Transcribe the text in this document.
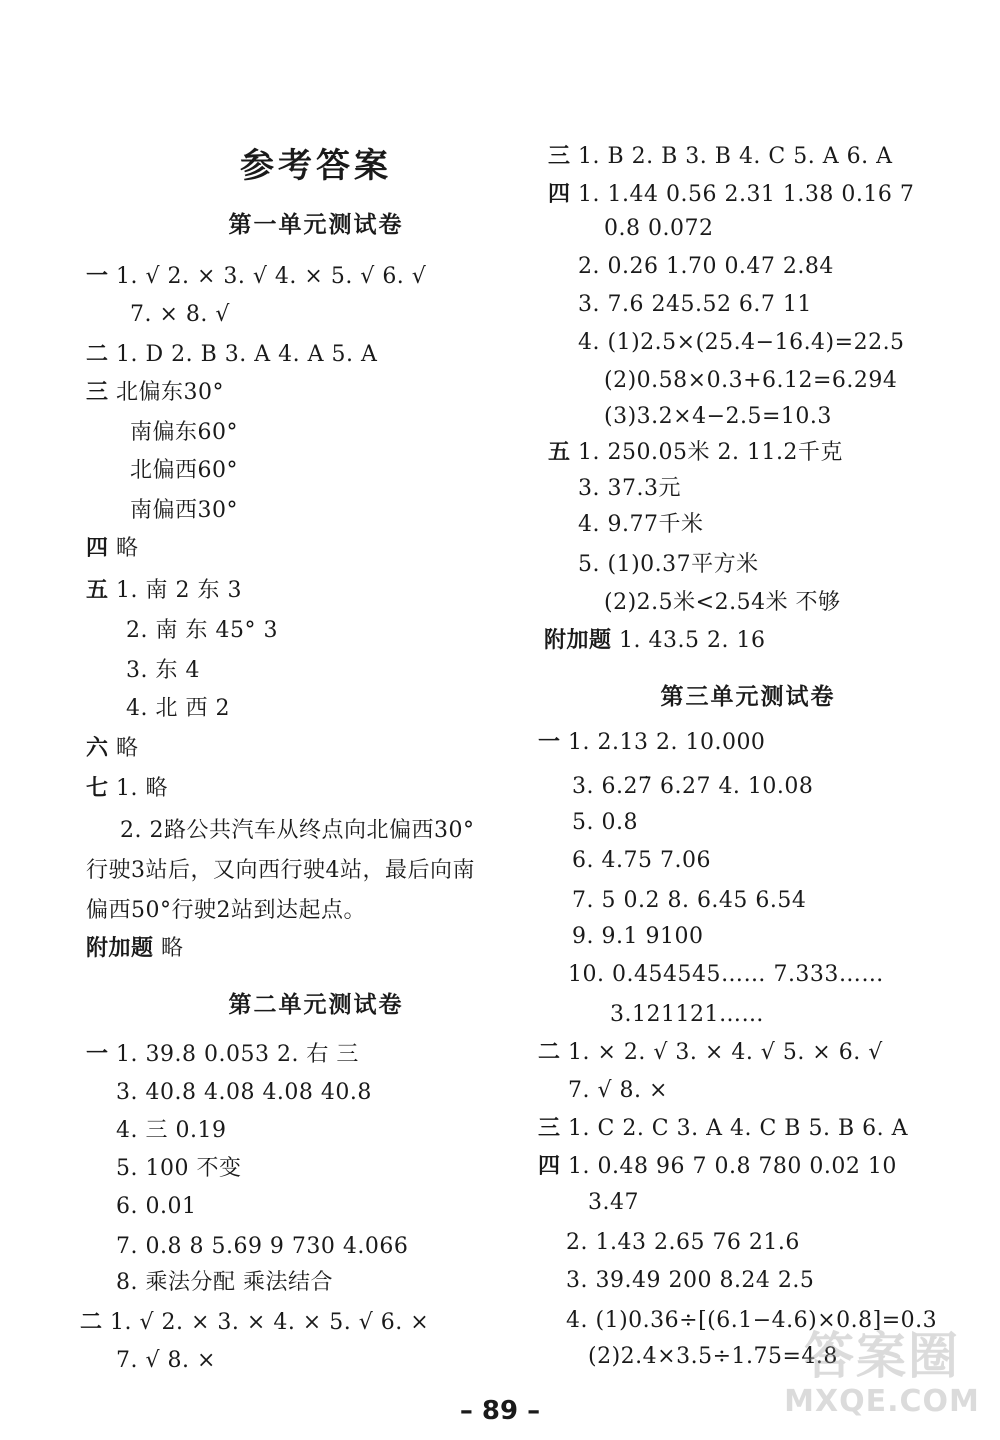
参考答案
第一单元测试卷
一 1. √ 2. × 3. √ 4. × 5. √ 6. √
7. × 8. √
二 1. D 2. B 3. A 4. A 5. A
三 北偏东30°
南偏东60°
北偏西60°
南偏西30°
四 略
五 1. 南 2 东 3
2. 南 东 45° 3
3. 东 4
4. 北 西 2
六 略
七 1. 略
2. 2路公共汽车从终点向北偏西30°
行驶3站后，又向西行驶4站，最后向南
偏西50°行驶2站到达起点。
附加题 略
第二单元测试卷
一 1. 39.8 0.053 2. 右 三
3. 40.8 4.08 4.08 40.8
4. 三 0.19
5. 100 不变
6. 0.01
7. 0.8 8 5.69 9 730 4.066
8. 乘法分配 乘法结合
二 1. √ 2. × 3. × 4. × 5. √ 6. ×
7. √ 8. ×
三 1. B 2. B 3. B 4. C 5. A 6. A
四 1. 1.44 0.56 2.31 1.38 0.16 7
0.8 0.072
2. 0.26 1.70 0.47 2.84
3. 7.6 245.52 6.7 11
4. (1)2.5×(25.4−16.4)=22.5
(2)0.58×0.3+6.12=6.294
(3)3.2×4−2.5=10.3
五 1. 250.05米 2. 11.2千克
3. 37.3元
4. 9.77千米
5. (1)0.37平方米
(2)2.5米<2.54米 不够
附加题 1. 43.5 2. 16
第三单元测试卷
一 1. 2.13 2. 10.000
3. 6.27̇ 6.27 4. 10.08
5. 0.8
6. 4.75 7.06
7. 5 0.2 8. 6.45 6.54
9. 9.1 9100
10. 0.454545…… 7.333……
3.121121……
二 1. × 2. √ 3. × 4. √ 5. × 6. √
7. √ 8. ×
三 1. C 2. C 3. A 4. C B 5. B 6. A
四 1. 0.48 96 7 0.8 780 0.02 10
3.47
2. 1.43 2.65 76 21.6
3. 39.49 200 8.24 2.5
4. (1)0.36÷[(6.1−4.6)×0.8]=0.3
(2)2.4×3.5÷1.75=4.8
答案圈
MXQE.COM
– 89 –
